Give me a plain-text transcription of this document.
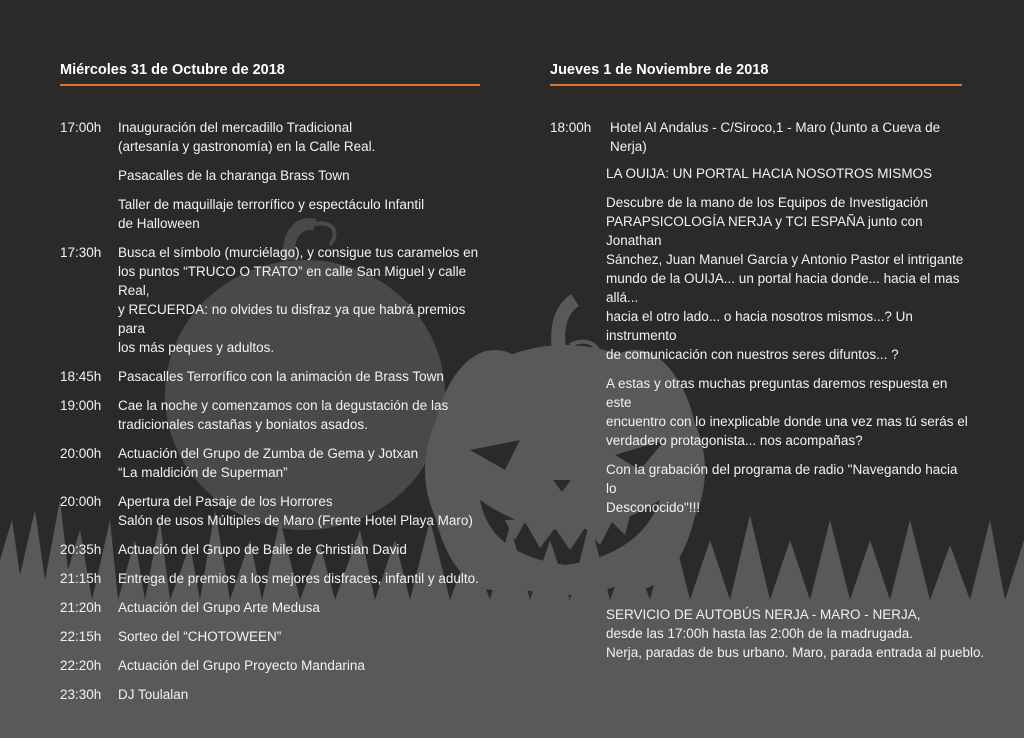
Miércoles 31 de Octubre de 2018
17:00h	Inauguración del mercadillo Tradicional
(artesanía y gastronomía) en la Calle Real.
Pasacalles de la charanga Brass Town
Taller de maquillaje terrorífico y espectáculo Infantil
de Halloween
17:30h	Busca el símbolo (murciélago), y consigue tus caramelos en
los puntos “TRUCO O TRATO” en calle San Miguel y calle Real,
y RECUERDA: no olvides tu disfraz ya que habrá premios para
los más peques y adultos.
18:45h	Pasacalles Terrorífico con la animación de Brass Town
19:00h	Cae la noche y comenzamos con la degustación de las
tradicionales castañas y boniatos asados.
20:00h	Actuación del Grupo de Zumba de Gema y Jotxan
“La maldición de Superman”
20:00h	Apertura del Pasaje de los Horrores
Salón de usos Múltiples de Maro (Frente Hotel Playa Maro)
20:35h	Actuación del Grupo de Baile de Christian David
21:15h	Entrega de premios a los mejores disfraces, infantil y adulto.
21:20h	Actuación del Grupo Arte Medusa
22:15h	Sorteo del “CHOTOWEEN”
22:20h	Actuación del Grupo Proyecto Mandarina
23:30h	DJ Toulalan
Jueves 1 de Noviembre de 2018
18:00h	Hotel Al Andalus - C/Siroco,1 - Maro (Junto a Cueva de Nerja)
LA OUIJA: UN PORTAL HACIA NOSOTROS MISMOS
Descubre de la mano de los Equipos de Investigación
PARAPSICOLOGÍA NERJA y TCI ESPAÑA junto con Jonathan
Sánchez, Juan Manuel García y Antonio Pastor el intrigante
mundo de la OUIJA... un portal hacia donde... hacia el mas allá...
hacia el otro lado... o hacia nosotros mismos...? Un instrumento
de comunicación con nuestros seres difuntos... ?
A estas y otras muchas preguntas daremos respuesta en este
encuentro con lo inexplicable donde una vez mas tú serás el
verdadero protagonista... nos acompañas?
Con la grabación del programa de radio "Navegando hacia lo
Desconocido"!!!
SERVICIO DE AUTOBÚS NERJA - MARO - NERJA,
desde las 17:00h hasta las 2:00h de la madrugada.
Nerja, paradas de bus urbano. Maro, parada entrada al pueblo.
